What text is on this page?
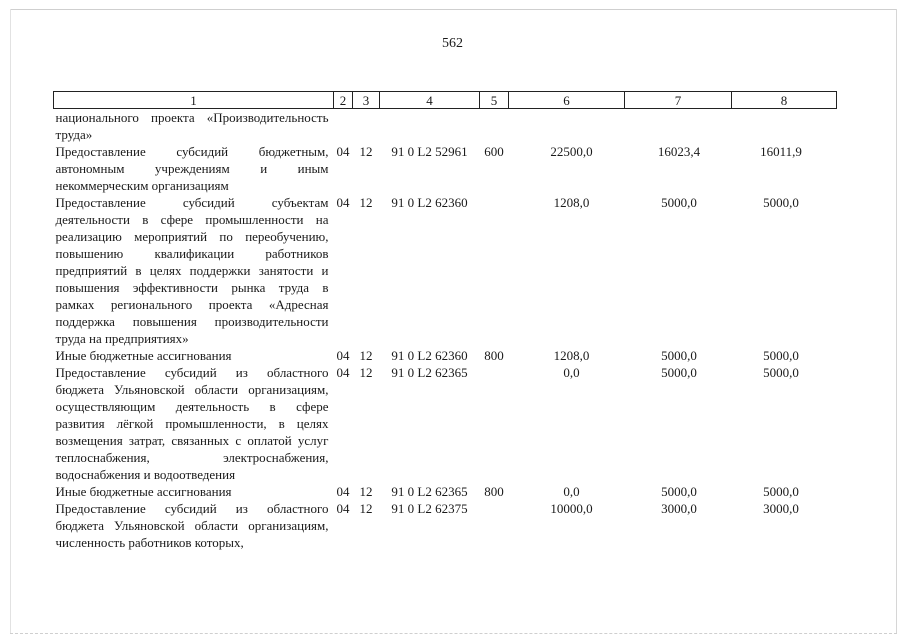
562
1	2	3	4	5	6	7	8
национального проекта «Производительность труда»							
Предоставление субсидий бюджетным, автономным учреждениям и иным некоммерческим организациям	04	12	91 0 L2 52961	600	22500,0	16023,4	16011,9
Предоставление субсидий субъектам деятельности в сфере промышленности на реализацию мероприятий по переобучению, повышению квалификации работников предприятий в целях поддержки занятости и повышения эффективности рынка труда в рамках регионального проекта «Адресная поддержка повышения производительности труда на предприятиях»	04	12	91 0 L2 62360		1208,0	5000,0	5000,0
Иные бюджетные ассигнования	04	12	91 0 L2 62360	800	1208,0	5000,0	5000,0
Предоставление субсидий из областного бюджета Ульяновской области организациям, осуществляющим деятельность в сфере развития лёгкой промышленности, в целях возмещения затрат, связанных с оплатой услуг теплоснабжения, электроснабжения, водоснабжения и водоотведения	04	12	91 0 L2 62365		0,0	5000,0	5000,0
Иные бюджетные ассигнования	04	12	91 0 L2 62365	800	0,0	5000,0	5000,0
Предоставление субсидий из областного бюджета Ульяновской области организациям, численность работников которых,	04	12	91 0 L2 62375		10000,0	3000,0	3000,0
